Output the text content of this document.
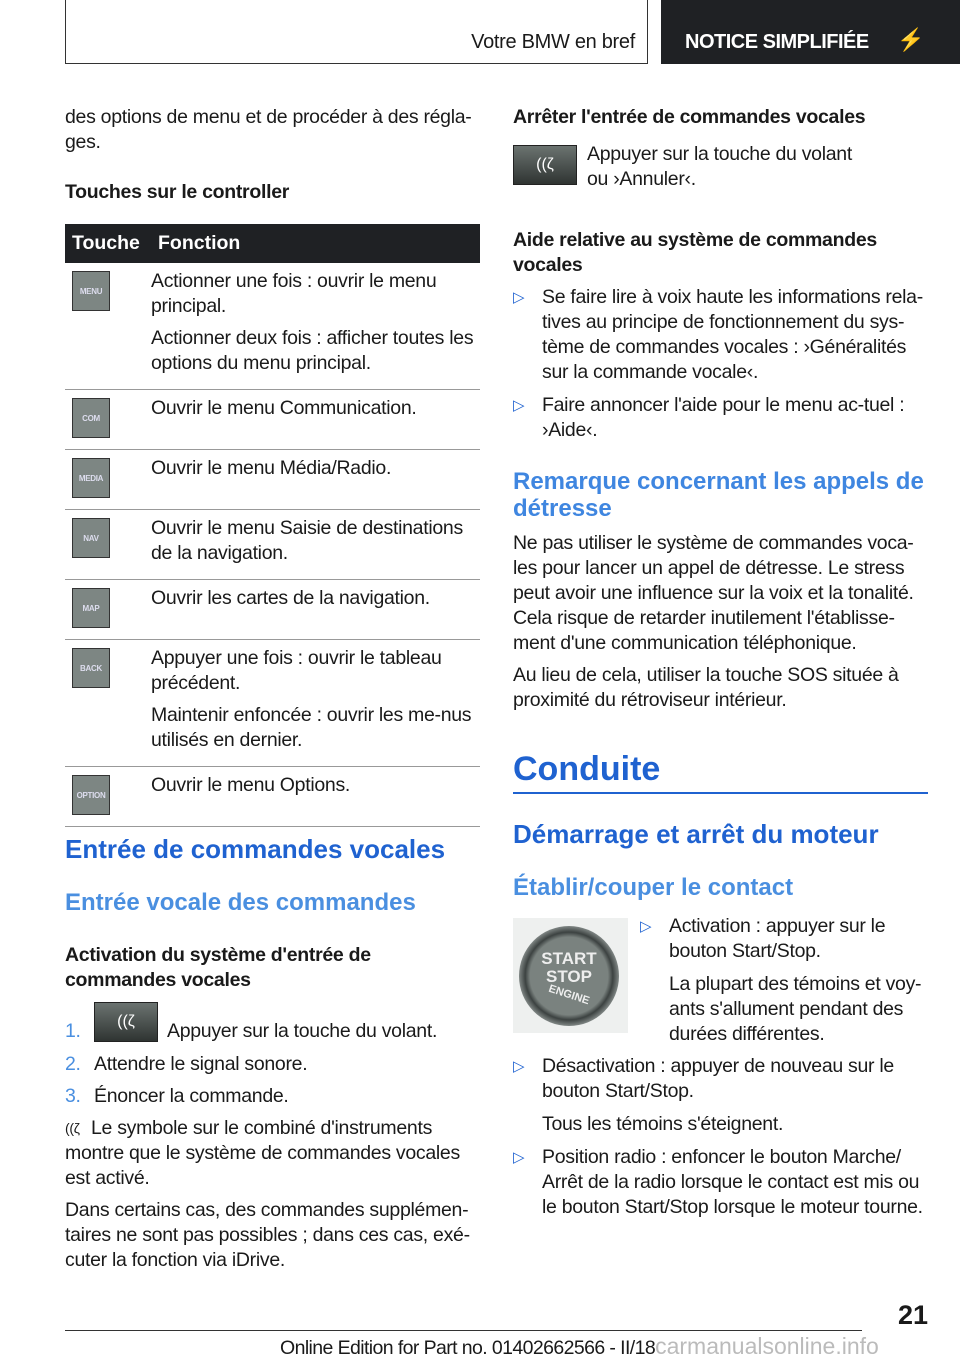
Votre BMW en bref	NOTICE SIMPLIFIÉE ⚡
des options de menu et de procéder à des régla-ges.
Touches sur le controller
Touche	Fonction

MENU	Actionner une fois : ouvrir le menu principal.

Actionner deux fois : afficher toutes les options du menu principal.

COM	Ouvrir le menu Communication.

MEDIA	Ouvrir le menu Média/Radio.

NAV	Ouvrir le menu Saisie de destinations de la navigation.

MAP	Ouvrir les cartes de la navigation.

BACK	Appuyer une fois : ouvrir le tableau précédent.

Maintenir enfoncée : ouvrir les me-nus utilisés en dernier.

OPTION	Ouvrir le menu Options.

Entrée de commandes vocales
Entrée vocale des commandes
Activation du système d'entrée de commandes vocales
1.	((ζ	Appuyer sur la touche du volant.
2. Attendre le signal sonore.
3. Énoncer la commande.
((ζ Le symbole sur le combiné d'instruments montre que le système de commandes vocales est activé.
Dans certains cas, des commandes supplémen-taires ne sont pas possibles ; dans ces cas, exé-cuter la fonction via iDrive.
Arrêter l'entrée de commandes vocales
((ζ	Appuyer sur la touche du volant ou ›Annuler‹.
Aide relative au système de commandes vocales
▷ Se faire lire à voix haute les informations rela-tives au principe de fonctionnement du sys-tème de commandes vocales : ›Généralités sur la commande vocale‹.
▷ Faire annoncer l'aide pour le menu ac-tuel : ›Aide‹.
Remarque concernant les appels de détresse
Ne pas utiliser le système de commandes voca-les pour lancer un appel de détresse. Le stress peut avoir une influence sur la voix et la tonalité. Cela risque de retarder inutilement l'établisse-ment d'une communication téléphonique.
Au lieu de cela, utiliser la touche SOS située à proximité du rétroviseur intérieur.
Conduite
Démarrage et arrêt du moteur
Établir/couper le contact
START
STOP
ENGINE
▷ Activation : appuyer sur le bouton Start/Stop.
La plupart des témoins et voy-ants s'allument pendant des durées différentes.
▷ Désactivation : appuyer de nouveau sur le bouton Start/Stop.
Tous les témoins s'éteignent.
▷ Position radio : enfoncer le bouton Marche/ Arrêt de la radio lorsque le contact est mis ou le bouton Start/Stop lorsque le moteur tourne.
21
Online Edition for Part no. 01402662566 - II/18carmanualsonline.info
